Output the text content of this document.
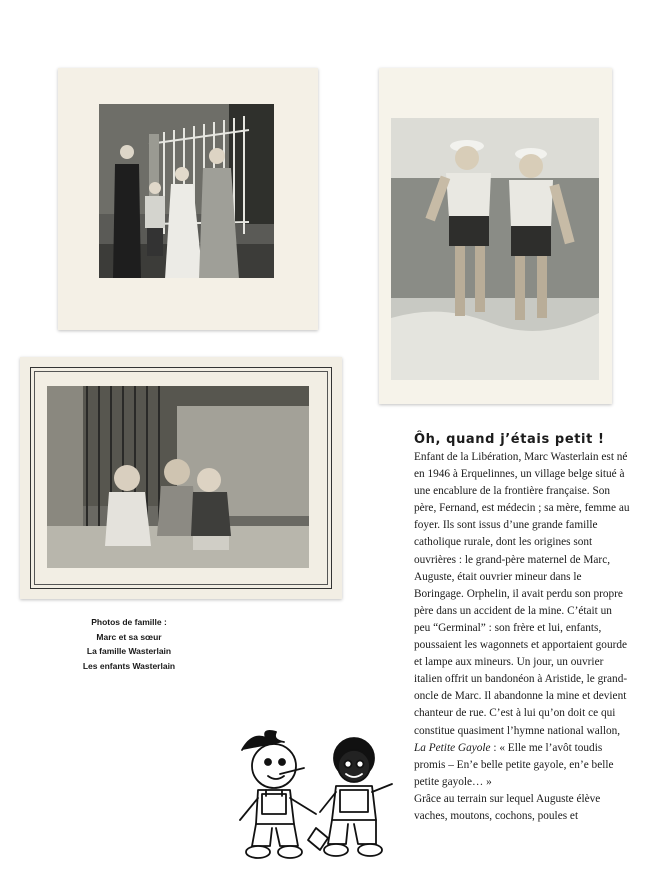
Photos de famille :
Marc et sa sœur
La famille Wasterlain
Les enfants Wasterlain
Ôh, quand j’étais petit !

Enfant de la Libération, Marc Wasterlain est né en 1946 à Erquelinnes, un village belge situé à une encablure de la frontière française. Son père, Fernand, est médecin ; sa mère, femme au foyer. Ils sont issus d’une grande famille catholique rurale, dont les origines sont ouvrières : le grand-père maternel de Marc, Auguste, était ouvrier mineur dans le Boringage. Orphelin, il avait perdu son propre père dans un accident de la mine. C’était un peu “Germinal” : son frère et lui, enfants, poussaient les wagonnets et apportaient gourde et lampe aux mineurs. Un jour, un ouvrier italien offrit un bandonéon à Aristide, le grand-oncle de Marc. Il abandonne la mine et devient chanteur de rue. C’est à lui qu’on doit ce qui constitue quasiment l’hymne national wallon, La Petite Gayole : « Elle me l’avôt toudis promis – En’e belle petite gayole, en’e belle petite gayole… »

Grâce au terrain sur lequel Auguste élève vaches, moutons, cochons, poules et
